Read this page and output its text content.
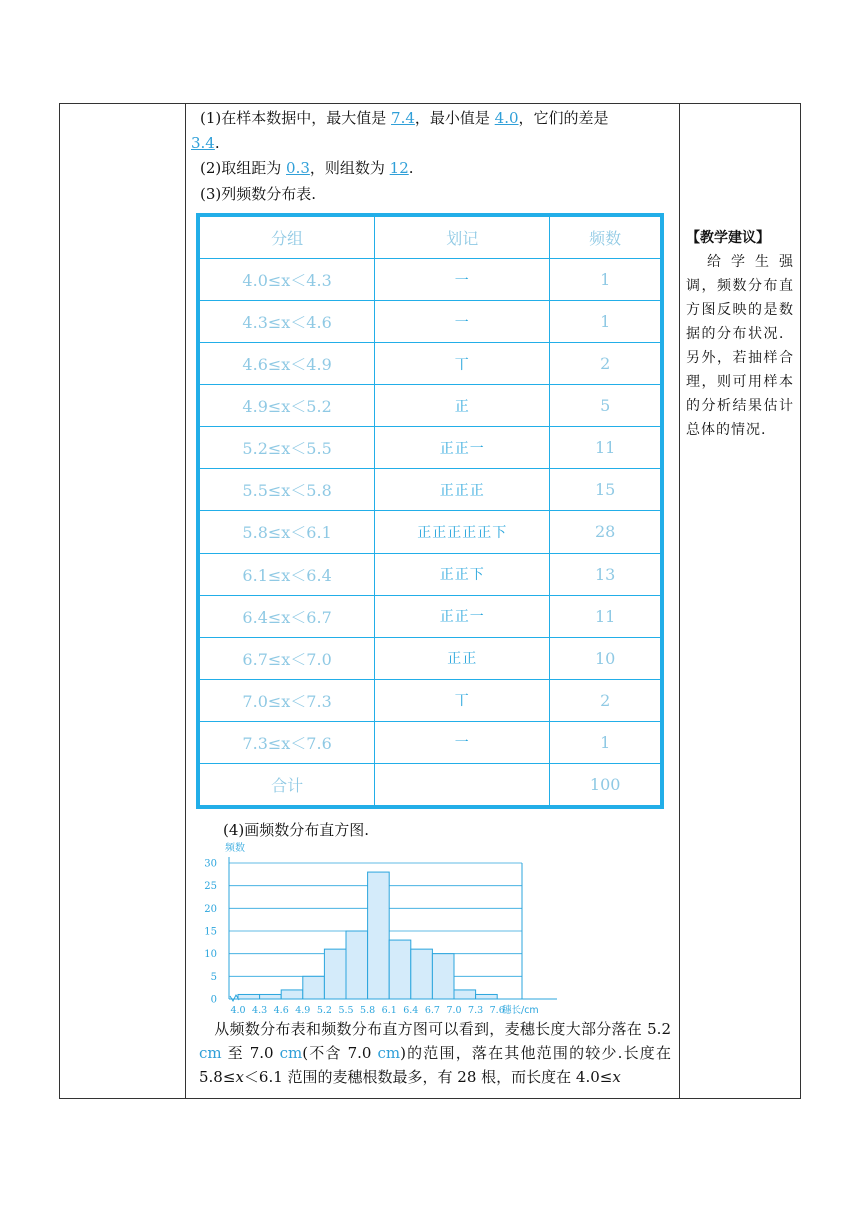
(1)在样本数据中，最大值是 7.4，最小值是 4.0，它们的差是
3.4.
(2)取组距为 0.3，则组数为 12.
(3)列频数分布表.
(4)画频数分布直方图.
分组	划记	频数
4.0≤x＜4.3	一	1
4.3≤x＜4.6	一	1
4.6≤x＜4.9	丅	2
4.9≤x＜5.2	正	5
5.2≤x＜5.5	正正一	11
5.5≤x＜5.8	正正正	15
5.8≤x＜6.1	正正正正正下	28
6.1≤x＜6.4	正正下	13
6.4≤x＜6.7	正正一	11
6.7≤x＜7.0	正正	10
7.0≤x＜7.3	丅	2
7.3≤x＜7.6	一	1
合计		100
0
5
10
15
20
25
30
4.0 4.3 4.6 4.9 5.2 5.5 5.8 6.1 6.4 6.7 7.0 7.3 7.6
频数
穗长/cm
从频数分布表和频数分布直方图可以看到，麦穗长度大部分落在 5.2 cm 至 7.0 cm(不含 7.0 cm)的范围，落在其他范围的较少.长度在 5.8≤x＜6.1 范围的麦穗根数最多，有 28 根，而长度在 4.0≤x
【教学建议】
给学生强调，频数分布直方图反映的是数据的分布状况．另外，若抽样合理，则可用样本的分析结果估计总体的情况.
